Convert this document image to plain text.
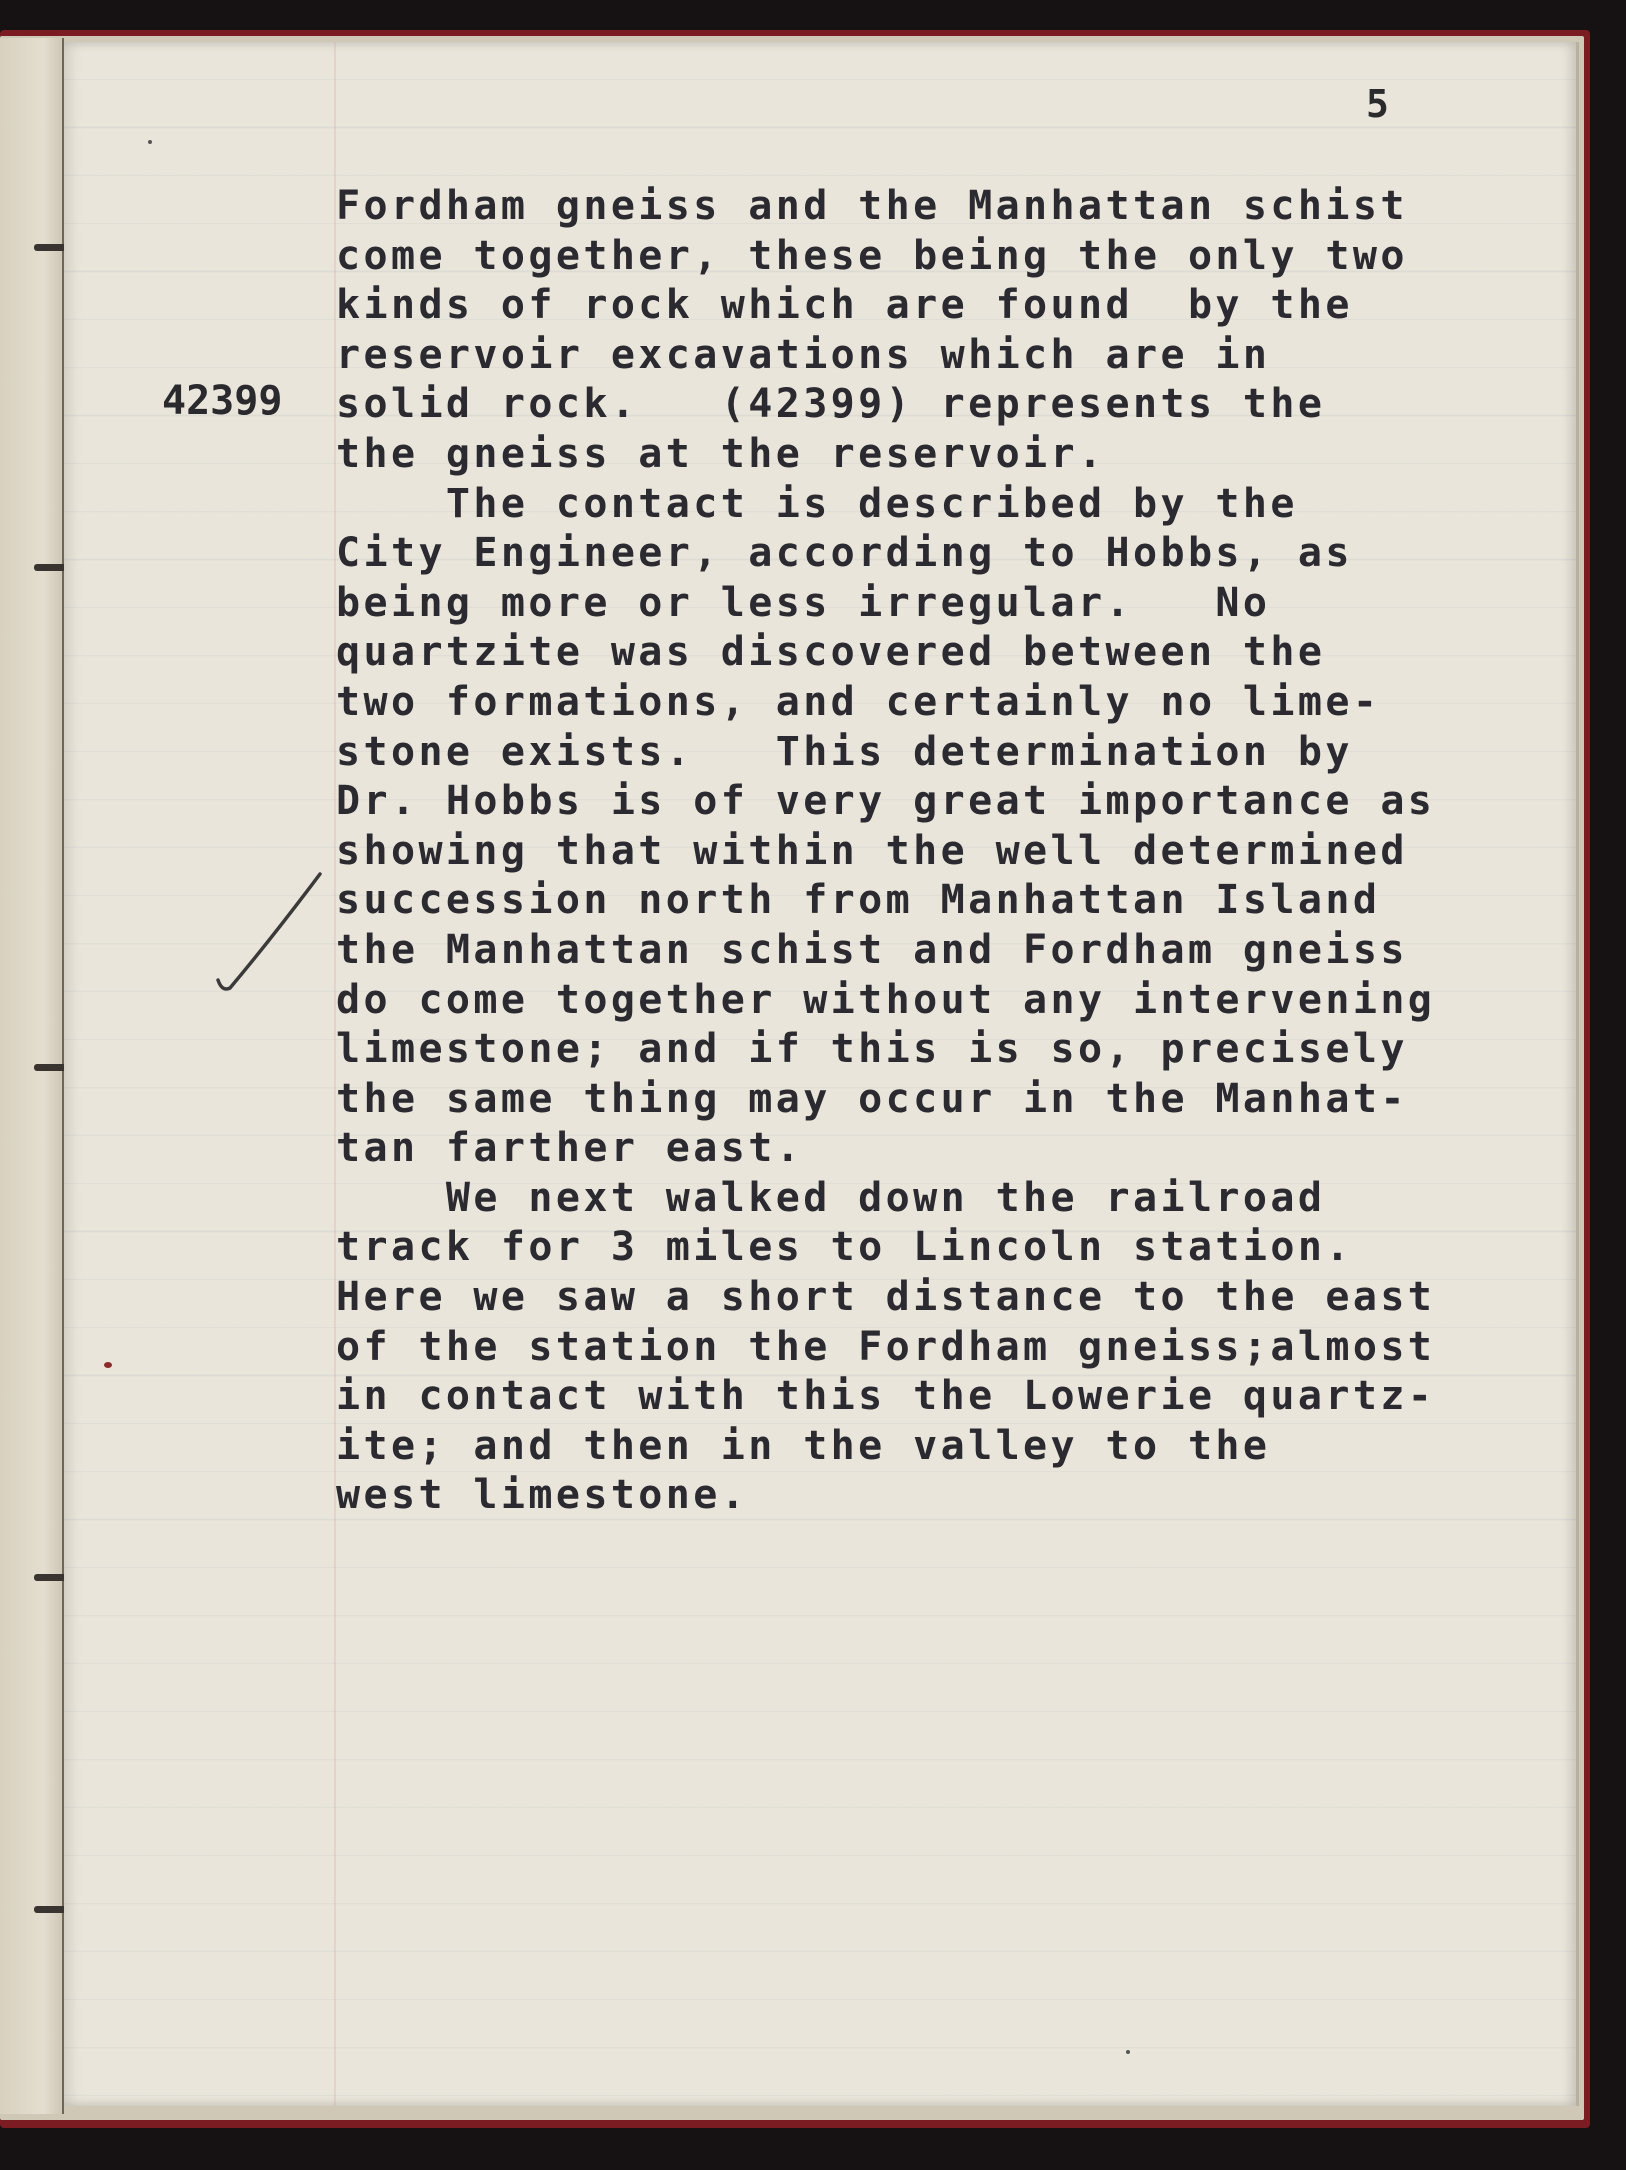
5
42399
Fordham gneiss and the Manhattan schist
come together, these being the only two
kinds of rock which are found  by the
reservoir excavations which are in
solid rock.   (42399) represents the
the gneiss at the reservoir.
The contact is described by the
City Engineer, according to Hobbs, as
being more or less irregular.   No
quartzite was discovered between the
two formations, and certainly no lime-
stone exists.   This determination by
Dr. Hobbs is of very great importance as
showing that within the well determined
succession north from Manhattan Island
the Manhattan schist and Fordham gneiss
do come together without any intervening
limestone; and if this is so, precisely
the same thing may occur in the Manhat-
tan farther east.
We next walked down the railroad
track for 3 miles to Lincoln station.
Here we saw a short distance to the east
of the station the Fordham gneiss;almost
in contact with this the Lowerie quartz-
ite; and then in the valley to the
west limestone.
